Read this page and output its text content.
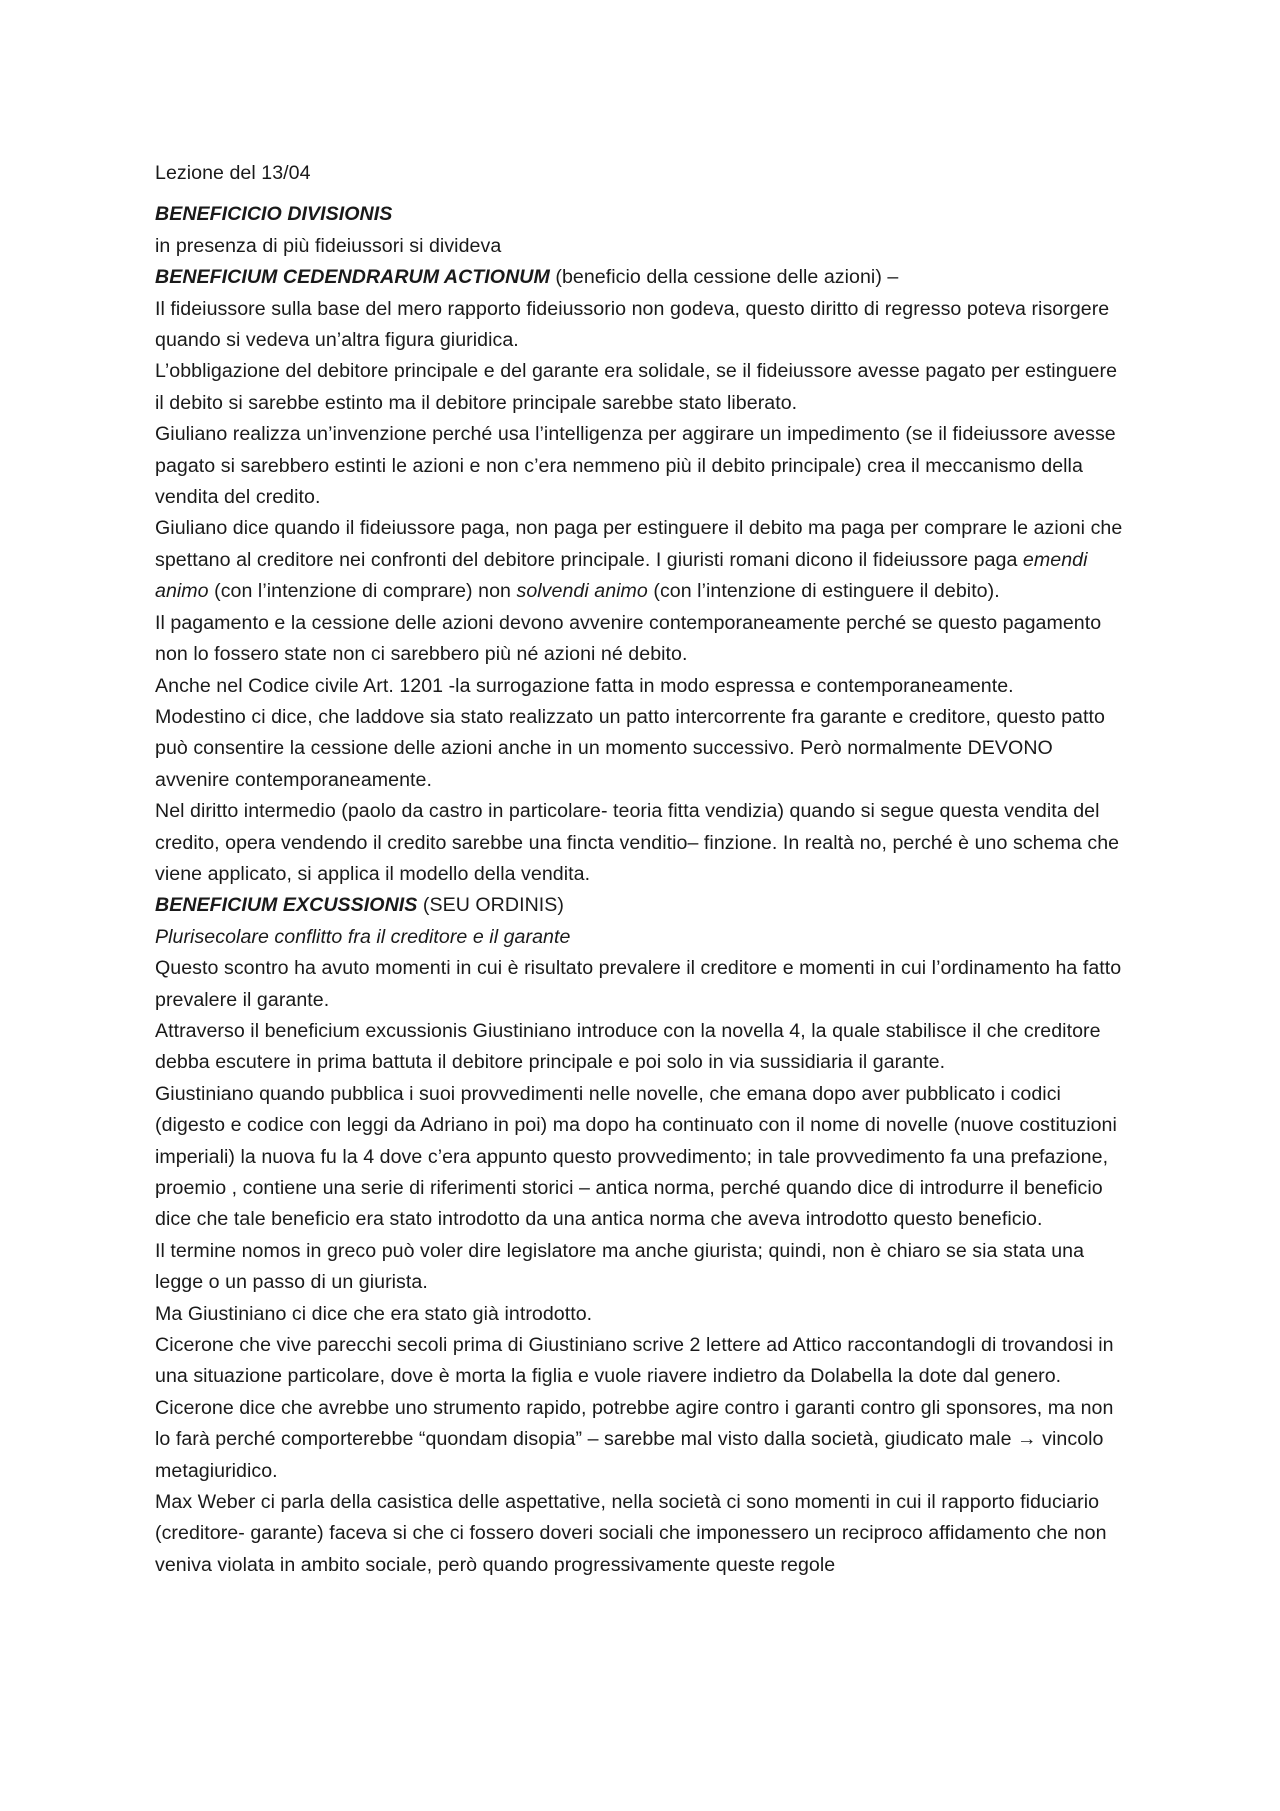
Lezione del 13/04

BENEFICICIO DIVISIONIS

in presenza di più fideiussori si divideva

BENEFICIUM CEDENDRARUM ACTIONUM (beneficio della cessione delle azioni) –

Il fideiussore sulla base del mero rapporto fideiussorio non godeva, questo diritto di regresso poteva risorgere quando si vedeva un’altra figura giuridica.

L’obbligazione del debitore principale e del garante era solidale, se il fideiussore avesse pagato per estinguere il debito si sarebbe estinto ma il debitore principale sarebbe stato liberato.

Giuliano realizza un’invenzione perché usa l’intelligenza per aggirare un impedimento (se il fideiussore avesse pagato si sarebbero estinti le azioni e non c’era nemmeno più il debito principale) crea il meccanismo della vendita del credito.

Giuliano dice quando il fideiussore paga, non paga per estinguere il debito ma paga per comprare le azioni che spettano al creditore nei confronti del debitore principale. I giuristi romani dicono il fideiussore paga emendi animo (con l’intenzione di comprare) non solvendi animo (con l’intenzione di estinguere il debito).

Il pagamento e la cessione delle azioni devono avvenire contemporaneamente perché se questo pagamento non lo fossero state non ci sarebbero più né azioni né debito.

Anche nel Codice civile Art. 1201 -la surrogazione fatta in modo espressa e contemporaneamente.

Modestino ci dice, che laddove sia stato realizzato un patto intercorrente fra garante e creditore, questo patto può consentire la cessione delle azioni anche in un momento successivo. Però normalmente DEVONO avvenire contemporaneamente.

Nel diritto intermedio (paolo da castro in particolare- teoria fitta vendizia) quando si segue questa vendita del credito, opera vendendo il credito sarebbe una fincta venditio– finzione. In realtà no, perché è uno schema che viene applicato, si applica il modello della vendita.

BENEFICIUM EXCUSSIONIS (SEU ORDINIS)

Plurisecolare conflitto fra il creditore e il garante

Questo scontro ha avuto momenti in cui è risultato prevalere il creditore e momenti in cui l’ordinamento ha fatto prevalere il garante.

Attraverso il beneficium excussionis Giustiniano introduce con la novella 4, la quale stabilisce il che creditore debba escutere in prima battuta il debitore principale e poi solo in via sussidiaria il garante.

Giustiniano quando pubblica i suoi provvedimenti nelle novelle, che emana dopo aver pubblicato i codici (digesto e codice con leggi da Adriano in poi) ma dopo ha continuato con il nome di novelle (nuove costituzioni imperiali) la nuova fu la 4 dove c’era appunto questo provvedimento; in tale provvedimento fa una prefazione, proemio , contiene una serie di riferimenti storici – antica norma, perché quando dice di introdurre il beneficio dice che tale beneficio era stato introdotto da una antica norma che aveva introdotto questo beneficio.

Il termine nomos in greco può voler dire legislatore ma anche giurista; quindi, non è chiaro se sia stata una legge o un passo di un giurista.

Ma Giustiniano ci dice che era stato già introdotto.

Cicerone che vive parecchi secoli prima di Giustiniano scrive 2 lettere ad Attico raccontandogli di trovandosi in una situazione particolare, dove è morta la figlia e vuole riavere indietro da Dolabella la dote dal genero. Cicerone dice che avrebbe uno strumento rapido, potrebbe agire contro i garanti contro gli sponsores, ma non lo farà perché comporterebbe “quondam disopia” – sarebbe mal visto dalla società, giudicato male → vincolo metagiuridico.

Max Weber ci parla della casistica delle aspettative, nella società ci sono momenti in cui il rapporto fiduciario (creditore- garante) faceva si che ci fossero doveri sociali che imponessero un reciproco affidamento che non veniva violata in ambito sociale, però quando progressivamente queste regole
